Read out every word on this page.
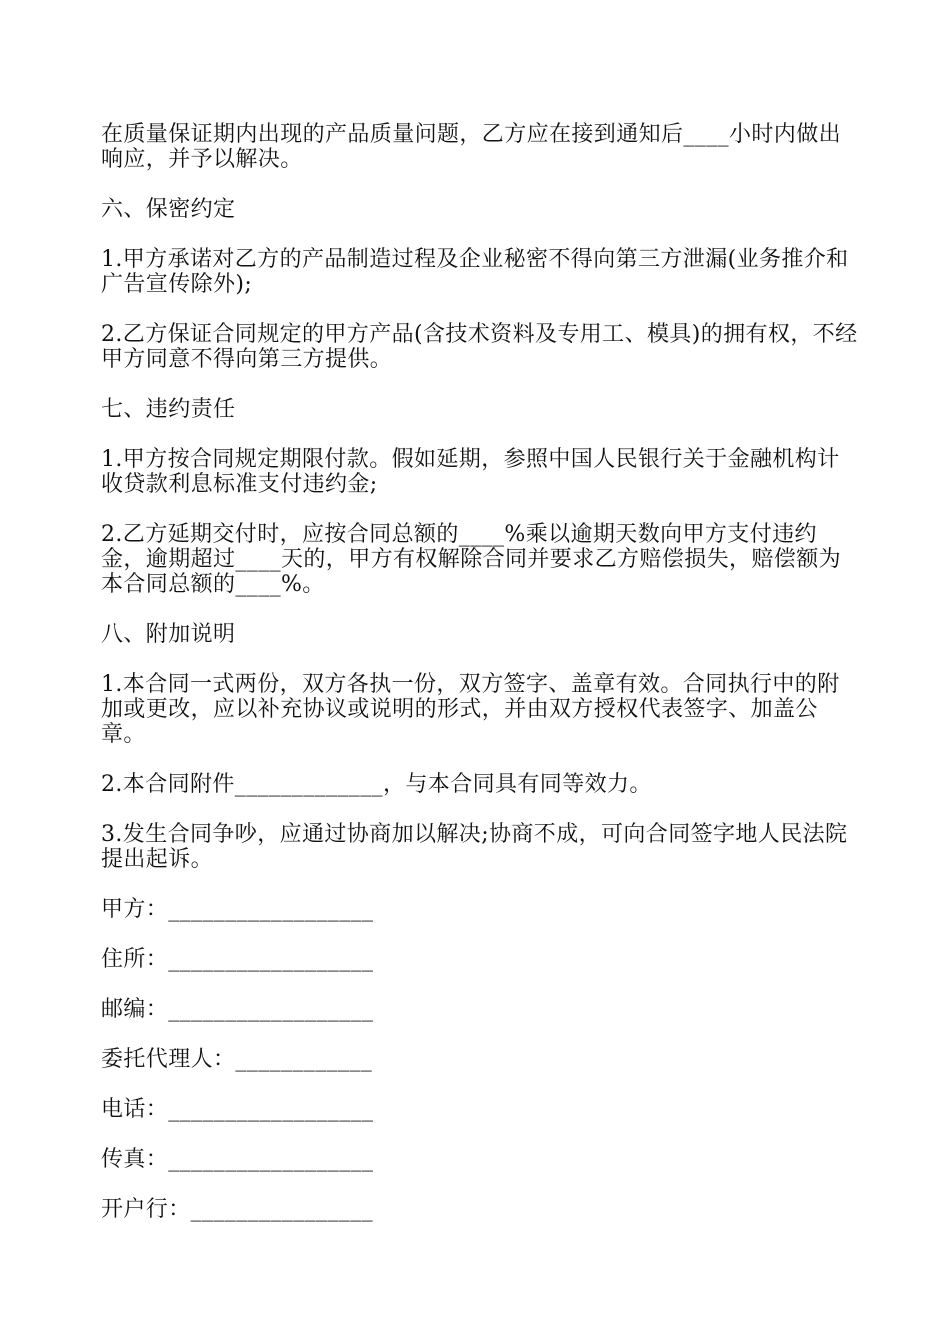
在质量保证期内出现的产品质量问题，乙方应在接到通知后____小时内做出响应，并予以解决。

六、保密约定

1.甲方承诺对乙方的产品制造过程及企业秘密不得向第三方泄漏(业务推介和广告宣传除外);

2.乙方保证合同规定的甲方产品(含技术资料及专用工、模具)的拥有权，不经甲方同意不得向第三方提供。

七、违约责任

1.甲方按合同规定期限付款。假如延期，参照中国人民银行关于金融机构计收贷款利息标准支付违约金;

2.乙方延期交付时，应按合同总额的____%乘以逾期天数向甲方支付违约金，逾期超过____天的，甲方有权解除合同并要求乙方赔偿损失，赔偿额为本合同总额的____%。

八、附加说明

1.本合同一式两份，双方各执一份，双方签字、盖章有效。合同执行中的附加或更改，应以补充协议或说明的形式，并由双方授权代表签字、加盖公章。

2.本合同附件_____________，与本合同具有同等效力。

3.发生合同争吵，应通过协商加以解决;协商不成，可向合同签字地人民法院提出起诉。

甲方：__________________

住所：__________________

邮编：__________________

委托代理人：____________

电话：__________________

传真：__________________

开户行：________________
